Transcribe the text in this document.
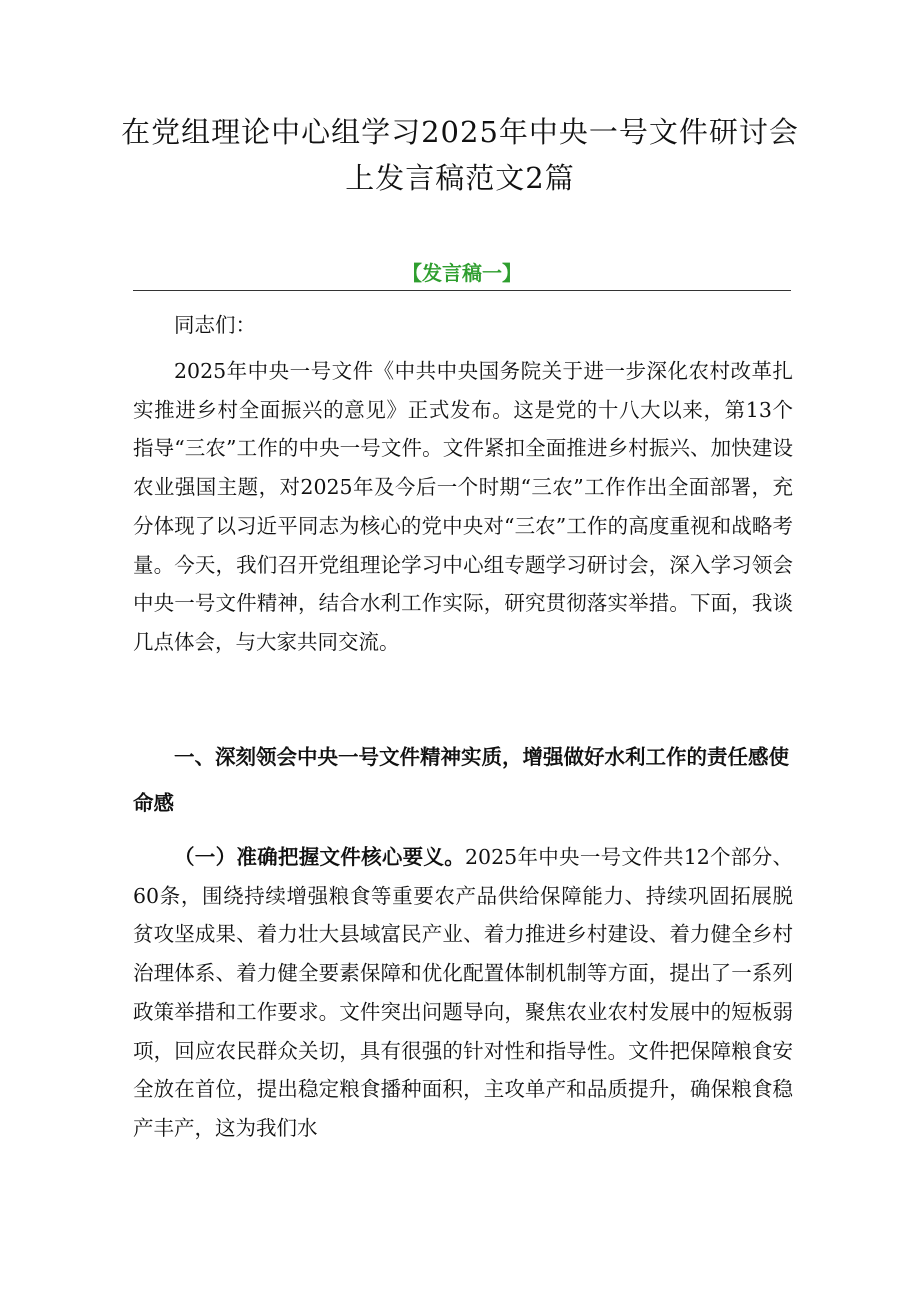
在党组理论中心组学习2025年中央一号文件研讨会
上发言稿范文2篇
【发言稿一】

同志们：

2025年中央一号文件《中共中央国务院关于进一步深化农村改革扎实推进乡村全面振兴的意见》正式发布。这是党的十八大以来，第13个指导“三农”工作的中央一号文件。文件紧扣全面推进乡村振兴、加快建设农业强国主题，对2025年及今后一个时期“三农”工作作出全面部署，充分体现了以习近平同志为核心的党中央对“三农”工作的高度重视和战略考量。今天，我们召开党组理论学习中心组专题学习研讨会，深入学习领会中央一号文件精神，结合水利工作实际，研究贯彻落实举措。下面，我谈几点体会，与大家共同交流。

一、深刻领会中央一号文件精神实质，增强做好水利工作的责任感使命感

（一）准确把握文件核心要义。2025年中央一号文件共12个部分、60条，围绕持续增强粮食等重要农产品供给保障能力、持续巩固拓展脱贫攻坚成果、着力壮大县域富民产业、着力推进乡村建设、着力健全乡村治理体系、着力健全要素保障和优化配置体制机制等方面，提出了一系列政策举措和工作要求。文件突出问题导向，聚焦农业农村发展中的短板弱项，回应农民群众关切，具有很强的针对性和指导性。文件把保障粮食安全放在首位，提出稳定粮食播种面积，主攻单产和品质提升，确保粮食稳产丰产，这为我们水
